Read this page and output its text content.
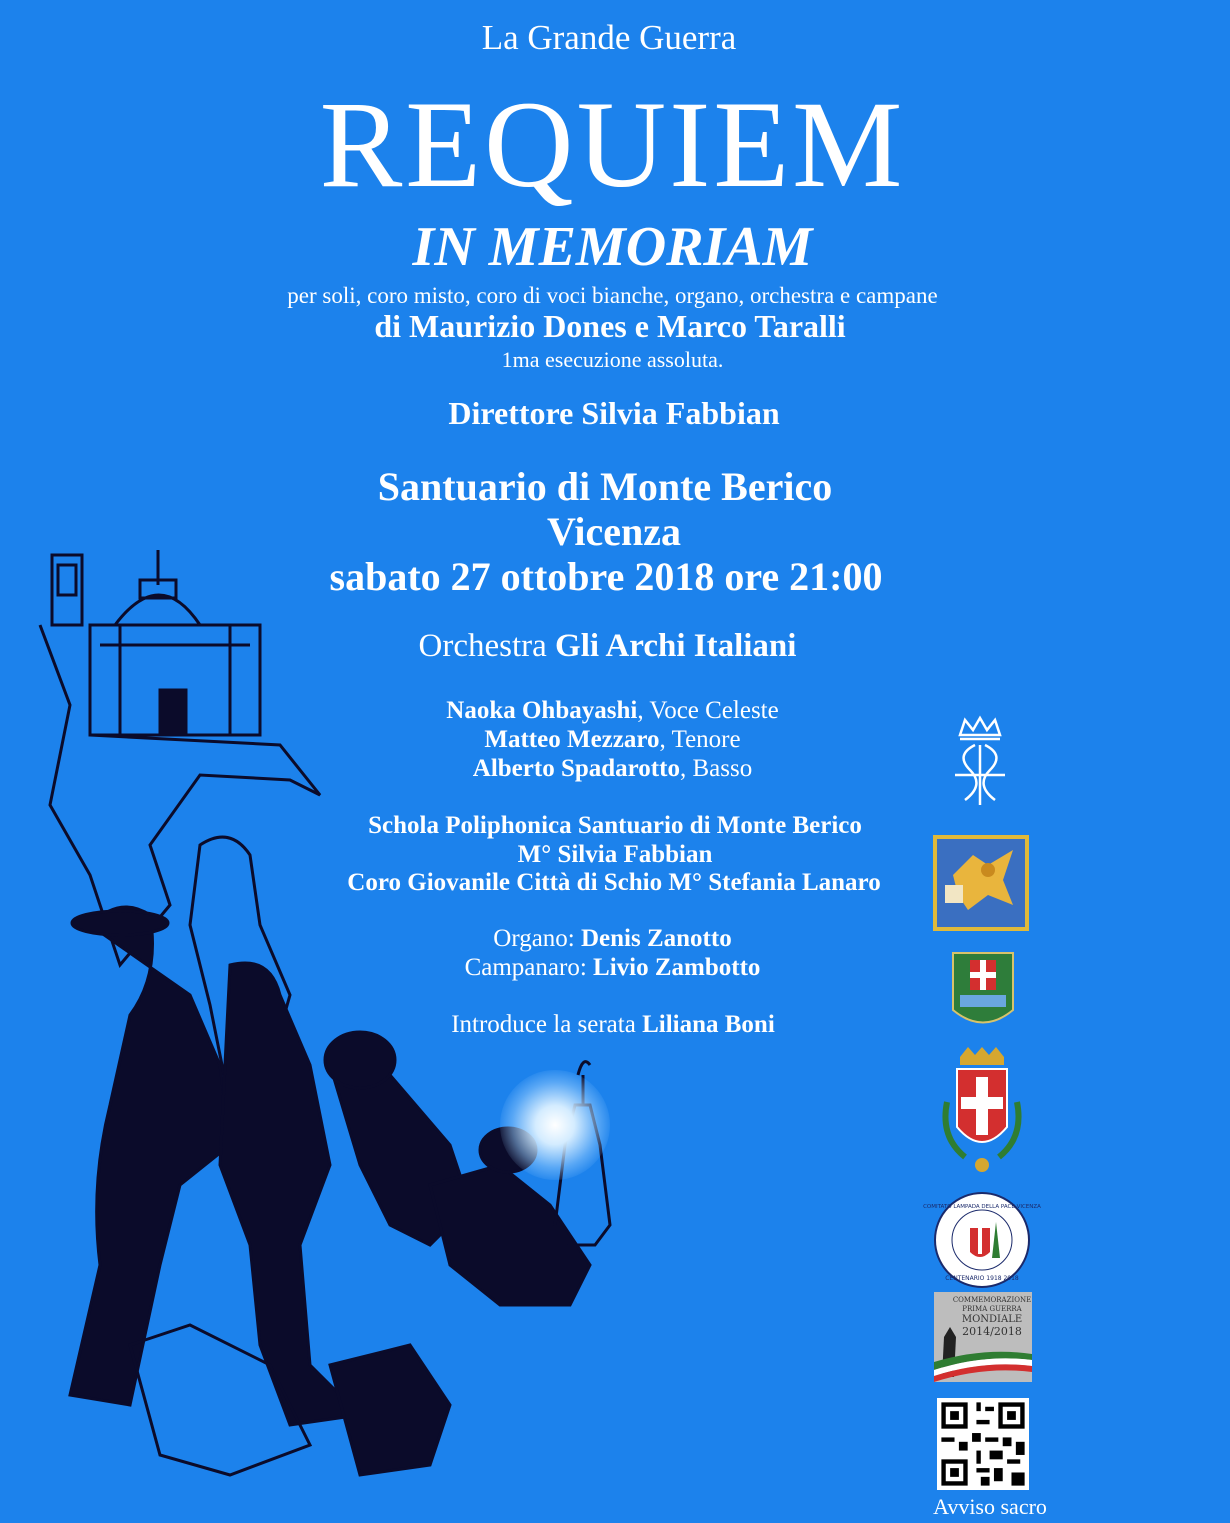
La Grande Guerra
REQUIEM
IN MEMORIAM
per soli, coro misto, coro di voci bianche, organo, orchestra e campane
di Maurizio Dones e Marco Taralli
1ma esecuzione assoluta.
Direttore Silvia Fabbian
Santuario di Monte Berico
Vicenza
sabato 27 ottobre 2018 ore 21:00
Orchestra Gli Archi Italiani
Naoka Ohbayashi, Voce Celeste
Matteo Mezzaro, Tenore
Alberto Spadarotto, Basso
Schola Poliphonica Santuario di Monte Berico
M° Silvia Fabbian
Coro Giovanile Città di Schio M° Stefania Lanaro
Organo: Denis Zanotto
Campanaro: Livio Zambotto
Introduce la serata Liliana Boni
COMITATO LAMPADA DELLA PACE VICENZA
CENTENARIO 1918 2018
COMMEMORAZIONE
PRIMA GUERRA
MONDIALE
2014/2018
Avviso sacro
